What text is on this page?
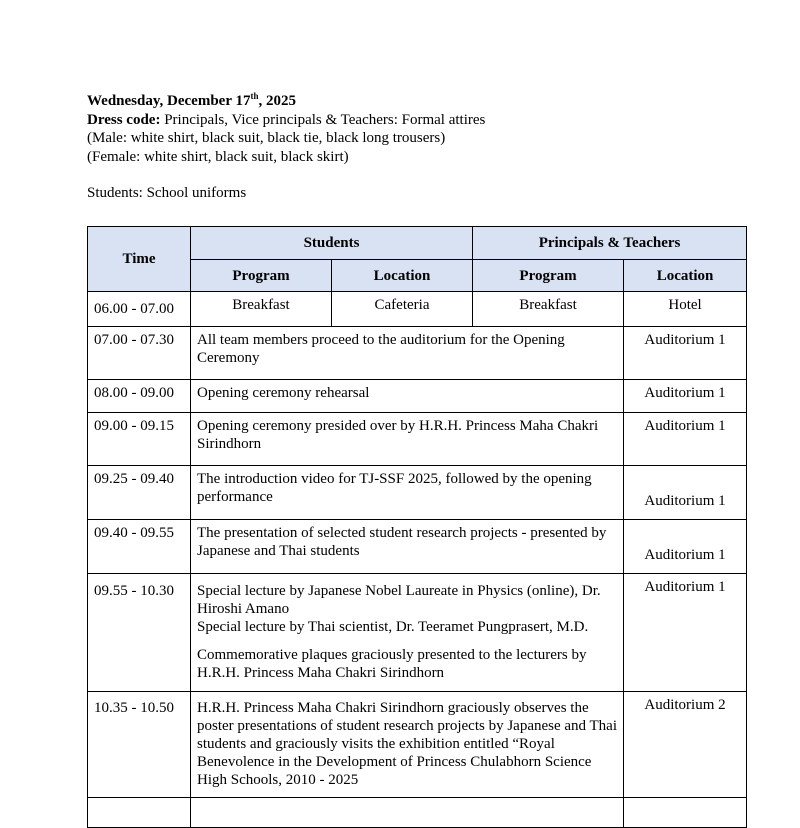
Wednesday, December 17th, 2025

Dress code: Principals, Vice principals & Teachers: Formal attires

(Male: white shirt, black suit, black tie, black long trousers)

(Female: white shirt, black suit, black skirt)

Students: School uniforms

Time	Students		Principals & Teachers	
	Program	Location	Program	Location
06.00 - 07.00	Breakfast	Cafeteria	Breakfast	Hotel
07.00 - 07.30	All team members proceed to the auditorium for the Opening Ceremony			Auditorium 1
08.00 - 09.00	Opening ceremony rehearsal			Auditorium 1
09.00 - 09.15	Opening ceremony presided over by H.R.H. Princess Maha Chakri Sirindhorn			Auditorium 1
09.25 - 09.40	The introduction video for TJ-SSF 2025, followed by the opening performance			Auditorium 1
09.40 - 09.55	The presentation of selected student research projects - presented by Japanese and Thai students			Auditorium 1
09.55 - 10.30	Special lecture by Japanese Nobel Laureate in Physics (online), Dr. Hiroshi Amano
Special lecture by Thai scientist, Dr. Teeramet Pungprasert, M.D.
Commemorative plaques graciously presented to the lecturers by H.R.H. Princess Maha Chakri Sirindhorn			Auditorium 1
10.35 - 10.50	H.R.H. Princess Maha Chakri Sirindhorn graciously observes the poster presentations of student research projects by Japanese and Thai students and graciously visits the exhibition entitled “Royal Benevolence in the Development of Princess Chulabhorn Science High Schools, 2010 - 2025			Auditorium 2
